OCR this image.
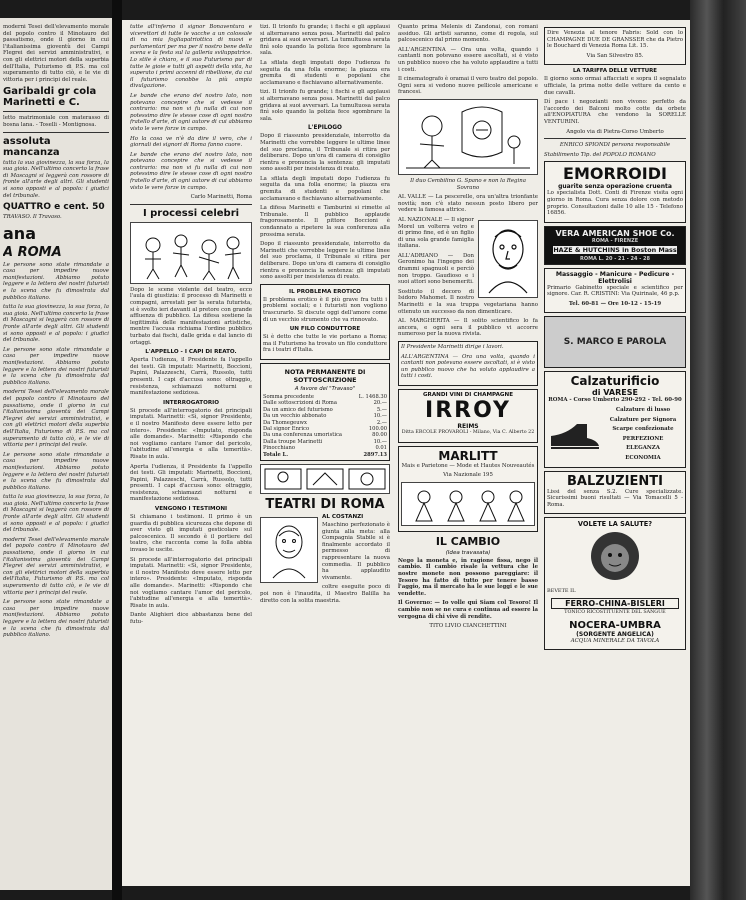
moderni Tesei dell'elevamento morale del popolo contro il Minotauro del passatismo, onde il giorno in cui l'italianissima gioventù dei Campi Flegrei dei servizi amministrativi, e con gli elettrici motori della superbia dell'Italia, Futurismo di P.S. ma col superamento di tutto ciò, e le vie di vittoria per i principi del reale.

Garibaldi gr cola Marinetti e C.

letto matrimoniale con materasso di bosna lana. - Toselli - Montignosa.

assoluta mancanza

tutta la sua giovinezza, la sua forza, la sua gioia. Nell'ultimo concerto la frase di Mascagni si leggerà con rossore di fronte all'arte degli altri. Gli studenti si sono opposti e al popolo: i giudici del tribunale.

QUATTRO e cent. 50

TRAVASO. Il Travaso.

ana
A ROMA

Le persone sono state rimandate a casa per impedire nuove manifestazioni. Abbiamo potuto leggere e la lettera dei nostri futuristi e la scena che fu dimostrata dal pubblico italiano.

tutta la sua giovinezza, la sua forza, la sua gioia. Nell'ultimo concerto la frase di Mascagni si leggerà con rossore di fronte all'arte degli altri. Gli studenti si sono opposti e al popolo: i giudici del tribunale.

Le persone sono state rimandate a casa per impedire nuove manifestazioni. Abbiamo potuto leggere e la lettera dei nostri futuristi e la scena che fu dimostrata dal pubblico italiano.

moderni Tesei dell'elevamento morale del popolo contro il Minotauro del passatismo, onde il giorno in cui l'italianissima gioventù dei Campi Flegrei dei servizi amministrativi, e con gli elettrici motori della superbia dell'Italia, Futurismo di P.S. ma col superamento di tutto ciò, e le vie di vittoria per i principi del reale.

Le persone sono state rimandate a casa per impedire nuove manifestazioni. Abbiamo potuto leggere e la lettera dei nostri futuristi e la scena che fu dimostrata dal pubblico italiano.

tutta la sua giovinezza, la sua forza, la sua gioia. Nell'ultimo concerto la frase di Mascagni si leggerà con rossore di fronte all'arte degli altri. Gli studenti si sono opposti e al popolo: i giudici del tribunale.

moderni Tesei dell'elevamento morale del popolo contro il Minotauro del passatismo, onde il giorno in cui l'italianissima gioventù dei Campi Flegrei dei servizi amministrativi, e con gli elettrici motori della superbia dell'Italia, Futurismo di P.S. ma col superamento di tutto ciò, e le vie di vittoria per i principi del reale.

Le persone sono state rimandate a casa per impedire nuove manifestazioni. Abbiamo potuto leggere e la lettera dei nostri futuristi e la scena che fu dimostrata dal pubblico italiano.

tutte all'inferno il signor Bonaventura e vicerettori di tutte le vacche a un colossale di na mia fogliapatriottica di nuovi e parlamentari per ma per il nostro bene della scena e la festa sul la galleria sviluppatrice. Lo stile è chiaro, e il suo Futurismo pur di tutte le gioie e tutti gli aspetti della vita, ha superato i primi accenni di ribellione, da cui il futurismo conobbe la più ampia divulgazione.

Le bande che erano del nostro lato, non potevano concepire che si vedesse il contrario: ma non vi fu nulla di cui non potessimo dire le stesse cose di ogni nostro fratello d'arte, di ogni autore di cui abbiamo visto le vere forze in campo.

Ho la cosa ve n'è da dire il vero, che i giornali dei signori di Roma fanno cuore.

Le bande che erano del nostro lato, non potevano concepire che si vedesse il contrario: ma non vi fu nulla di cui non potessimo dire le stesse cose di ogni nostro fratello d'arte, di ogni autore di cui abbiamo visto le vere forze in campo.

Carlo Marinetti, Roma

I processi celebri

Dopo le scene violente del teatro, ecco l'aula di giustizia: il processo di Marinetti e compagni, arrestati per la serata futurista, si è svolto ieri davanti al pretore con grande affluenza di pubblico. La difesa sostiene la legittimità delle manifestazioni artistiche, mentre l'accusa richiama l'ordine pubblico turbato dai fischi, dalle grida e dal lancio di ortaggi.

L'APPELLO - I CAPI DI REATO.

Aperta l'udienza, il Presidente fa l'appello dei testi. Gli imputati: Marinetti, Boccioni, Papini, Palazzeschi, Carrà, Russolo, tutti presenti. I capi d'accusa sono: oltraggio, resistenza, schiamazzi notturni e manifestazione sediziosa.

INTERROGATORIO

Si procede all'interrogatorio dei principali imputati. Marinetti: «Sì, signor Presidente, e il nostro Manifesto deve essere letto per intero». Presidente: «Imputato, risponda alle domande». Marinetti: «Rispondo che noi vogliamo cantare l'amor del pericolo, l'abitudine all'energia e alla temerità». Risate in aula.

Aperta l'udienza, il Presidente fa l'appello dei testi. Gli imputati: Marinetti, Boccioni, Papini, Palazzeschi, Carrà, Russolo, tutti presenti. I capi d'accusa sono: oltraggio, resistenza, schiamazzi notturni e manifestazione sediziosa.

VENGONO I TESTIMONI

Si chiamano i testimoni. Il primo è un guardia di pubblica sicurezza che depone di aver visto gli imputati gesticolare sul palcoscenico. Il secondo è il portiere del teatro, che racconta come la folla abbia invaso le uscite.

Si procede all'interrogatorio dei principali imputati. Marinetti: «Sì, signor Presidente, e il nostro Manifesto deve essere letto per intero». Presidente: «Imputato, risponda alle domande». Marinetti: «Rispondo che noi vogliamo cantare l'amor del pericolo, l'abitudine all'energia e alla temerità». Risate in aula.

Dante Alighieri dice abbastanza bene del futu-

tizi. Il trionfo fu grande; i fischi e gli applausi si alternavano senza posa. Marinetti dal palco gridava ai suoi avversari. La tumultuosa serata finì solo quando la polizia fece sgombrare la sala.

La sfilata degli imputati dopo l'udienza fu seguita da una folla enorme; la piazza era gremita di studenti e popolani che acclamavano e fischiavano alternativamente.

tizi. Il trionfo fu grande; i fischi e gli applausi si alternavano senza posa. Marinetti dal palco gridava ai suoi avversari. La tumultuosa serata finì solo quando la polizia fece sgombrare la sala.

L'EPILOGO

Dopo il riassunto presidenziale, interrotto da Marinetti che vorrebbe leggere le ultime linee del suo proclama, il Tribunale si ritira per deliberare. Dopo un'ora di camera di consiglio rientra e pronuncia la sentenza: gli imputati sono assolti per inesistenza di reato.

La sfilata degli imputati dopo l'udienza fu seguita da una folla enorme; la piazza era gremita di studenti e popolani che acclamavano e fischiavano alternativamente.

La difesa Marinetti e Tamburini si rimette al Tribunale. Il pubblico applaude fragorosamente. Il pittore Boccioni è condannato a ripetere la sua conferenza alla prossima serata.

Dopo il riassunto presidenziale, interrotto da Marinetti che vorrebbe leggere le ultime linee del suo proclama, il Tribunale si ritira per deliberare. Dopo un'ora di camera di consiglio rientra e pronuncia la sentenza: gli imputati sono assolti per inesistenza di reato.

IL PROBLEMA EROTICO

Il problema erotico è il più grave fra tutti i problemi sociali; e i futuristi non vogliono trascurarlo. Si discute oggi dell'amore come di un vecchio strumento che va rinnovato.

UN FILO CONDUTTORE

Si è detto che tutte le vie portano a Roma; ma il Futurismo ha trovato un filo conduttore fra i teatri d'Italia.

NOTA PERMANENTE DI SOTTOSCRIZIONE
A favore del "Travaso"
Somma precedente	L. 1468.30
Dalle sottoscrizioni di Roma	20.—
Da un amico del futurismo	5.—
Da un vecchio abbonato	10.—
Da Thomegeuwx	2.—
Dal signor Enrico	100.00
Da una conferenza umoristica	80.00
Dalla troupe Marinetti	10.—
Pinocchiano	0.01
Totale L.	2897.13
TEATRI DI ROMA
AL COSTANZI

Maschino perfezionato è giunta alla meta: alla Compagnia Stabile si è finalmente accordato il permesso di rappresentare la nuova commedia. Il pubblico ha applaudito vivamente.

coltre eseguite poco di poi non è l'inaudita, il Maestro Balilla ha diretto con la solita maestria.

Quanto prima Melenis di Zandonai, con romani assiduo. Gli artisti saranno, come di regola, sul palcoscenico dal primo momento.

ALL'ARGENTINA — Ora una volta, quando i cantanti non potevano essere ascoltati, si è visto un pubblico nuovo che ha voluto applaudire a tutti i costi.

Il cinematografo è oramai il vero teatro del popolo. Ogni sera si vedono nuove pellicole americane e francesi.

Il duo Cembilino G. Spano e non la Regina Sovrano

AL VALLE — La pescerelle, ora un'altra trionfante novità; non c'è stato nessun posto libero per vedere la famosa attrice.

AL NAZIONALE — Il signor Morel un volterra vetro e di primo fine, ed è un figlio di una sola grande famiglia italiana.

ALL'ADRIANO — Don Geronimo ha l'ingegno dei drammi spagnuoli e perciò non troppo. Gaudioso e i suoi attori sono benemeriti.

Sostituto il decoro di Isidoro Mahomet. Il nostro Marinetti e la sua truppa vegetariana hanno ottenuto un successo da non dimenticare.

AL MARGHERITA — Il solito scientifico lo fa ancora, e ogni sera il pubblico vi accorre numeroso per la nuova rivista.

Il Presidente Marinetti dirige i lavori.

ALL'ARGENTINA — Ora una volta, quando i cantanti non potevano essere ascoltati, si è visto un pubblico nuovo che ha voluto applaudire a tutti i costi.

GRANDI VINI DI CHAMPAGNE
IRROY
REIMS
Ditta ERCOLE PROVAROLI - Milano, Via C. Alberto 22
MARLITT
Mais e Parietone — Mode et Hautes Nouveautés
Via Nazionale 195
IL CAMBIO
(Idea travasata)

Nego la moneta e, in ragione fissa, nego il cambio. Il cambio risale la vettura che le nostre monete non possono pareggiare: il Tesoro ha fatto di tutto per tenere basso l'aggio, ma il mercato ha le sue leggi e le sue vendette.

Il Governo: — Io volle qui Siam col Tesoro! Il cambio non se ne cura e continua ad essere la vergogna di chi vive di rendite.

TITO LIVIO CIANCHETTINI

Dire Venezia al tenore Fabris: Sold con lo CHAMPAGNE DUE DE GRANSSER che da Pietro le Bouchard di Venezia Roma Lit. 15.

Via San Silvestro 85.
LA TARIFFA DELLE VETTURE

Il giorno sono ormai affacciati e sopra il segnalato ufficiale, la prima notte delle vetture da cento e due cavalli.

Dí pace i negozianti non vivono: perfetto da l'accordo dei Balconi molto cotte da orbete all'ENOPIATURA che vendono la SORELLE VENTURINI.

Angolo via di Pietra-Corso Umberto
ENRICO SPIONDI persona responsabile
Stabilimento Tip. del POPOLO ROMANO
EMORROIDI
guarite senza operazione cruenta

Lo specialista Dott. Conti di Firenze visita ogni giorno in Roma. Cura senza dolore con metodo proprio. Consultazioni dalle 10 alle 15 - Telefono 16856.

VERA AMERICAN SHOE Co.
ROMA - FIRENZE
HAZE & HUTCHINS in Boston Mass
ROMA L. 20 - 21 - 24 - 28
Massaggio - Manicure - Pedicure - Elettrolisi

Primario Gabinetto speciale e scientifico per signore. Car. R. CRISTINI: Via Quirinale, 46 p.p.

Tel. 60-81 — Ore 10-12 - 15-19
S. MARCO E PAROLA
Calzaturificio
di VARESE
ROMA - Corso Umberto 290-292 - Tel. 60-90
Calzature di lusso
Calzature per Signora
Scarpe confezionate
PERFEZIONE
ELEGANZA
ECONOMIA
BALZUZIENTI

Lissi del senza S.2. Cure specializzate. Sicurissimi buoni risultati — Via Tomacelli 5 - Roma.

VOLETE LA SALUTE?
BEVETE IL
FERRO-CHINA-BISLERI
TONICO RICOSTITUENTE DEL SANGUE
NOCERA-UMBRA
(SORGENTE ANGELICA)
ACQUA MINERALE DA TAVOLA
